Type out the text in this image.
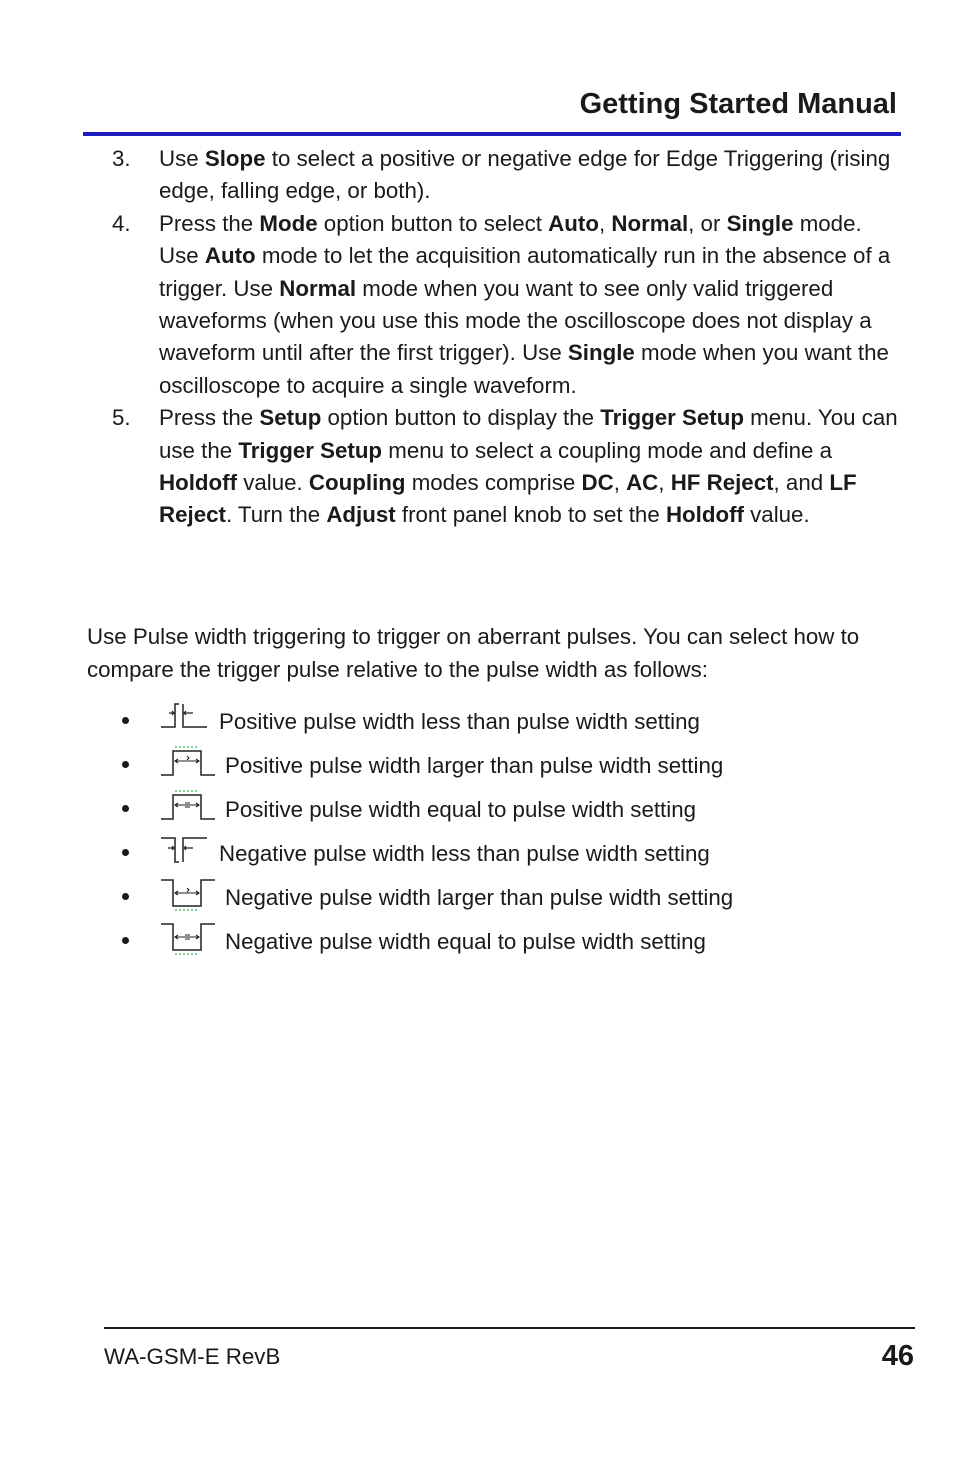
Getting Started Manual
3.	Use Slope to select a positive or negative edge for Edge Triggering (rising edge, falling edge, or both).
4.	Press the Mode option button to select Auto, Normal, or Single mode. Use Auto mode to let the acquisition automatically run in the absence of a trigger. Use Normal mode when you want to see only valid triggered waveforms (when you use this mode the oscilloscope does not display a waveform until after the first trigger). Use Single mode when you want the oscilloscope to acquire a single waveform.
5.	Press the Setup option button to display the Trigger Setup menu. You can use the Trigger Setup menu to select a coupling mode and define a Holdoff value. Coupling modes comprise DC, AC, HF Reject, and LF Reject. Turn the Adjust front panel knob to set the Holdoff value.

Use Pulse width triggering to trigger on aberrant pulses. You can select how to compare the trigger pulse relative to the pulse width as follows:

Positive pulse width less than pulse width setting
Positive pulse width larger than pulse width setting
Positive pulse width equal to pulse width setting
Negative pulse width less than pulse width setting
Negative pulse width larger than pulse width setting
Negative pulse width equal to pulse width setting
WA-GSM-E RevB	46
